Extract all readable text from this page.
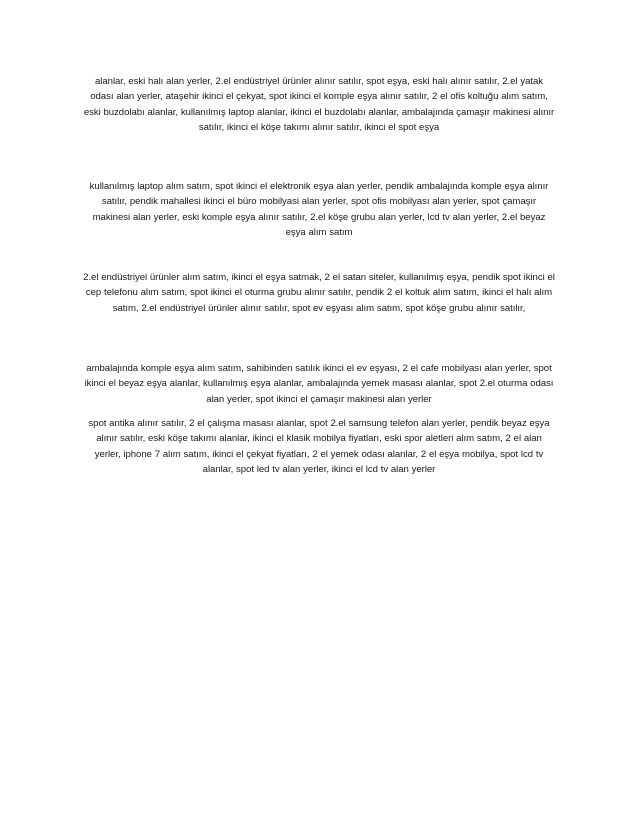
alanlar, eski halı alan yerler, 2.el endüstriyel ürünler alınır satılır, spot eşya, eski halı alınır satılır, 2.el yatak odası alan yerler, ataşehir ikinci el çekyat, spot ikinci el komple eşya alınır satılır, 2 el ofis koltuğu alım satım, eski buzdolabı alanlar, kullanılmış laptop alanlar, ikinci el buzdolabı alanlar, ambalajında çamaşır makinesi alınır satılır, ikinci el köşe takımı alınır satılır, ikinci el spot eşya

kullanılmış laptop alım satım, spot ikinci el elektronik eşya alan yerler, pendik ambalajında komple eşya alınır satılır, pendik mahallesi ikinci el büro mobilyasi alan yerler, spot ofis mobilyası alan yerler, spot çamaşır makinesi alan yerler, eski komple eşya alınır satılır, 2.el köşe grubu alan yerler, lcd tv alan yerler, 2.el beyaz eşya alım satım

2.el endüstriyel ürünler alım satım, ikinci el eşya satmak, 2 el satan siteler, kullanılmış eşya, pendik spot ikinci el cep telefonu alım satım, spot ikinci el oturma grubu alınır satılır, pendik 2 el koltuk alım satım, ikinci el halı alım satım, 2.el endüstriyel ürünler alınır satılır, spot ev eşyası alım satım, spot köşe grubu alınır satılır,

ambalajında komple eşya alım satım, sahibinden satılık ikinci el ev eşyası, 2 el cafe mobilyası alan yerler, spot ikinci el beyaz eşya alanlar, kullanılmış eşya alanlar, ambalajında yemek masası alanlar, spot 2.el oturma odası alan yerler, spot ikinci el çamaşır makinesi alan yerler

spot antika alınır satılır, 2 el çalışma masası alanlar, spot 2.el samsung telefon alan yerler, pendik beyaz eşya alınır satılır, eski köşe takımı alanlar, ikinci el klasik mobilya fiyatları, eski spor aletleri alım satım, 2 el alan yerler, iphone 7 alım satım, ikinci el çekyat fiyatları, 2 el yemek odası alanlar, 2 el eşya mobilya, spot lcd tv alanlar, spot led tv alan yerler, ikinci el lcd tv alan yerler
